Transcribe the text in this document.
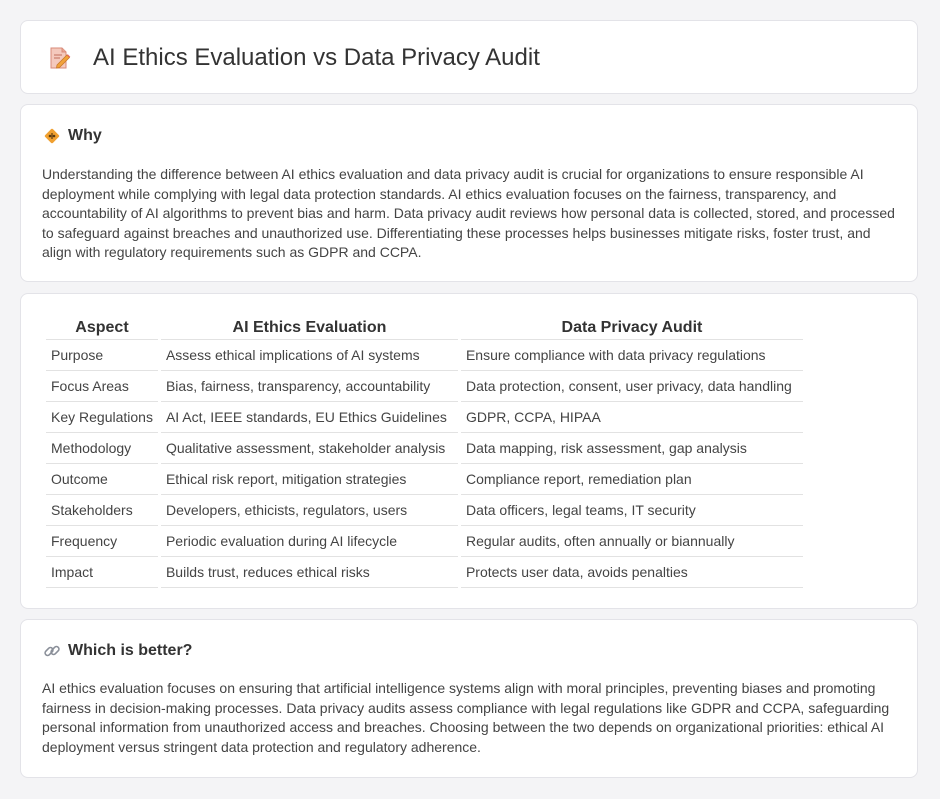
AI Ethics Evaluation vs Data Privacy Audit
Why

Understanding the difference between AI ethics evaluation and data privacy audit is crucial for organizations to ensure responsible AI deployment while complying with legal data protection standards. AI ethics evaluation focuses on the fairness, transparency, and accountability of AI algorithms to prevent bias and harm. Data privacy audit reviews how personal data is collected, stored, and processed to safeguard against breaches and unauthorized use. Differentiating these processes helps businesses mitigate risks, foster trust, and align with regulatory requirements such as GDPR and CCPA.

Aspect	AI Ethics Evaluation	Data Privacy Audit
Purpose	Assess ethical implications of AI systems	Ensure compliance with data privacy regulations
Focus Areas	Bias, fairness, transparency, accountability	Data protection, consent, user privacy, data handling
Key Regulations	AI Act, IEEE standards, EU Ethics Guidelines	GDPR, CCPA, HIPAA
Methodology	Qualitative assessment, stakeholder analysis	Data mapping, risk assessment, gap analysis
Outcome	Ethical risk report, mitigation strategies	Compliance report, remediation plan
Stakeholders	Developers, ethicists, regulators, users	Data officers, legal teams, IT security
Frequency	Periodic evaluation during AI lifecycle	Regular audits, often annually or biannually
Impact	Builds trust, reduces ethical risks	Protects user data, avoids penalties
Which is better?

AI ethics evaluation focuses on ensuring that artificial intelligence systems align with moral principles, preventing biases and promoting fairness in decision-making processes. Data privacy audits assess compliance with legal regulations like GDPR and CCPA, safeguarding personal information from unauthorized access and breaches. Choosing between the two depends on organizational priorities: ethical AI deployment versus stringent data protection and regulatory adherence.
